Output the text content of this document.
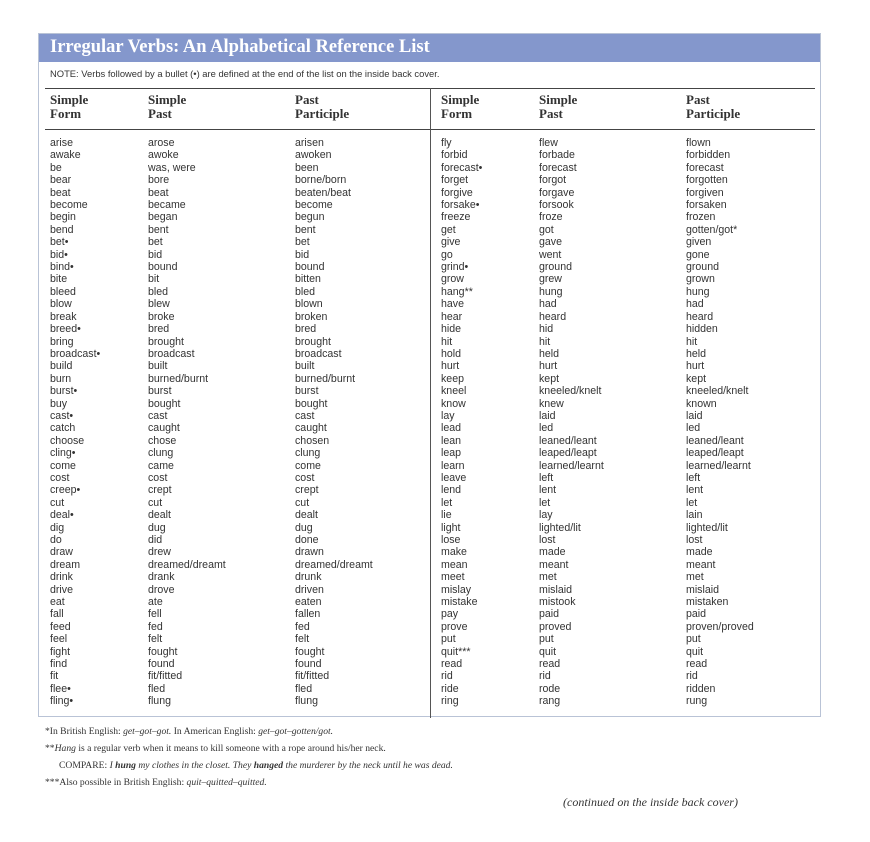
Irregular Verbs: An Alphabetical Reference List
NOTE: Verbs followed by a bullet (•) are defined at the end of the list on the inside back cover.
Simple
Form
Simple
Past
Past
Participle
Simple
Form
Simple
Past
Past
Participle
arise
awake
be
bear
beat
become
begin
bend
bet•
bid•
bind•
bite
bleed
blow
break
breed•
bring
broadcast•
build
burn
burst•
buy
cast•
catch
choose
cling•
come
cost
creep•
cut
deal•
dig
do
draw
dream
drink
drive
eat
fall
feed
feel
fight
find
fit
flee•
fling•
arose
awoke
was, were
bore
beat
became
began
bent
bet
bid
bound
bit
bled
blew
broke
bred
brought
broadcast
built
burned/burnt
burst
bought
cast
caught
chose
clung
came
cost
crept
cut
dealt
dug
did
drew
dreamed/dreamt
drank
drove
ate
fell
fed
felt
fought
found
fit/fitted
fled
flung
arisen
awoken
been
borne/born
beaten/beat
become
begun
bent
bet
bid
bound
bitten
bled
blown
broken
bred
brought
broadcast
built
burned/burnt
burst
bought
cast
caught
chosen
clung
come
cost
crept
cut
dealt
dug
done
drawn
dreamed/dreamt
drunk
driven
eaten
fallen
fed
felt
fought
found
fit/fitted
fled
flung
fly
forbid
forecast•
forget
forgive
forsake•
freeze
get
give
go
grind•
grow
hang**
have
hear
hide
hit
hold
hurt
keep
kneel
know
lay
lead
lean
leap
learn
leave
lend
let
lie
light
lose
make
mean
meet
mislay
mistake
pay
prove
put
quit***
read
rid
ride
ring
flew
forbade
forecast
forgot
forgave
forsook
froze
got
gave
went
ground
grew
hung
had
heard
hid
hit
held
hurt
kept
kneeled/knelt
knew
laid
led
leaned/leant
leaped/leapt
learned/learnt
left
lent
let
lay
lighted/lit
lost
made
meant
met
mislaid
mistook
paid
proved
put
quit
read
rid
rode
rang
flown
forbidden
forecast
forgotten
forgiven
forsaken
frozen
gotten/got*
given
gone
ground
grown
hung
had
heard
hidden
hit
held
hurt
kept
kneeled/knelt
known
laid
led
leaned/leant
leaped/leapt
learned/learnt
left
lent
let
lain
lighted/lit
lost
made
meant
met
mislaid
mistaken
paid
proven/proved
put
quit
read
rid
ridden
rung
*In British English: get–got–got. In American English: get–got–gotten/got.
**Hang is a regular verb when it means to kill someone with a rope around his/her neck.
COMPARE: I hung my clothes in the closet. They hanged the murderer by the neck until he was dead.
***Also possible in British English: quit–quitted–quitted.
(continued on the inside back cover)
